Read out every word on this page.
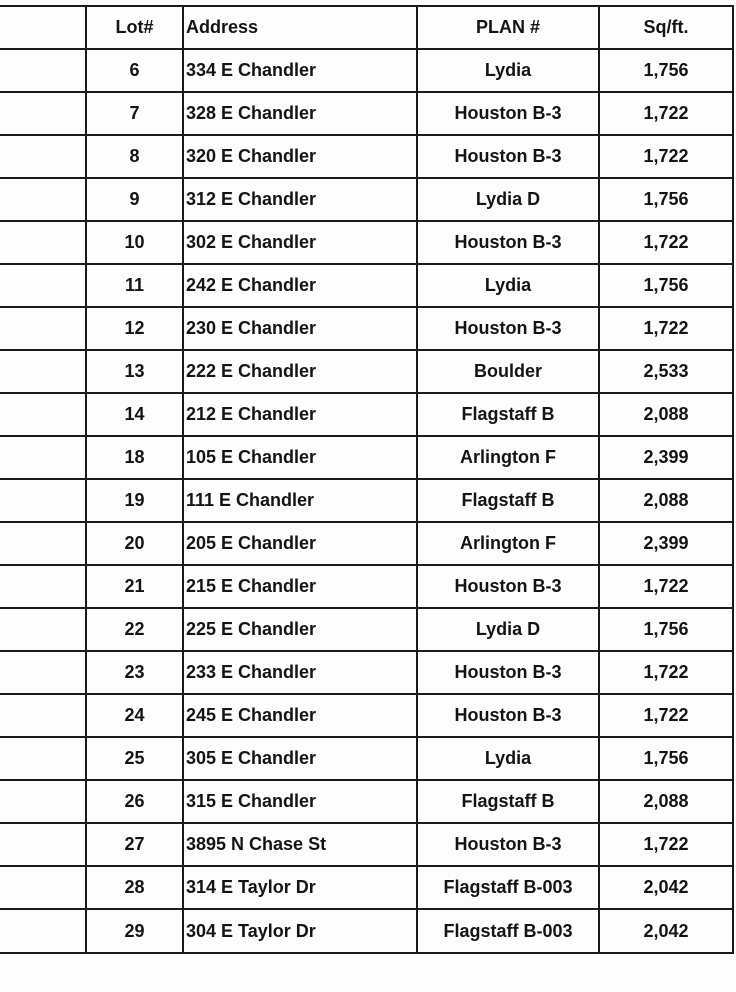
	Lot#	Address	PLAN #	Sq/ft.
	6	334 E Chandler	Lydia	1,756
	7	328 E Chandler	Houston B-3	1,722
	8	320 E Chandler	Houston B-3	1,722
	9	312 E Chandler	Lydia D	1,756
	10	302 E Chandler	Houston B-3	1,722
	11	242 E Chandler	Lydia	1,756
	12	230 E Chandler	Houston B-3	1,722
	13	222 E Chandler	Boulder	2,533
	14	212 E Chandler	Flagstaff B	2,088
	18	105 E Chandler	Arlington F	2,399
	19	111 E Chandler	Flagstaff B	2,088
	20	205 E Chandler	Arlington F	2,399
	21	215 E Chandler	Houston B-3	1,722
	22	225 E Chandler	Lydia D	1,756
	23	233 E Chandler	Houston B-3	1,722
	24	245 E Chandler	Houston B-3	1,722
	25	305 E Chandler	Lydia	1,756
	26	315 E Chandler	Flagstaff B	2,088
	27	3895 N Chase St	Houston B-3	1,722
	28	314 E Taylor Dr	Flagstaff B-003	2,042
	29	304 E Taylor Dr	Flagstaff B-003	2,042
